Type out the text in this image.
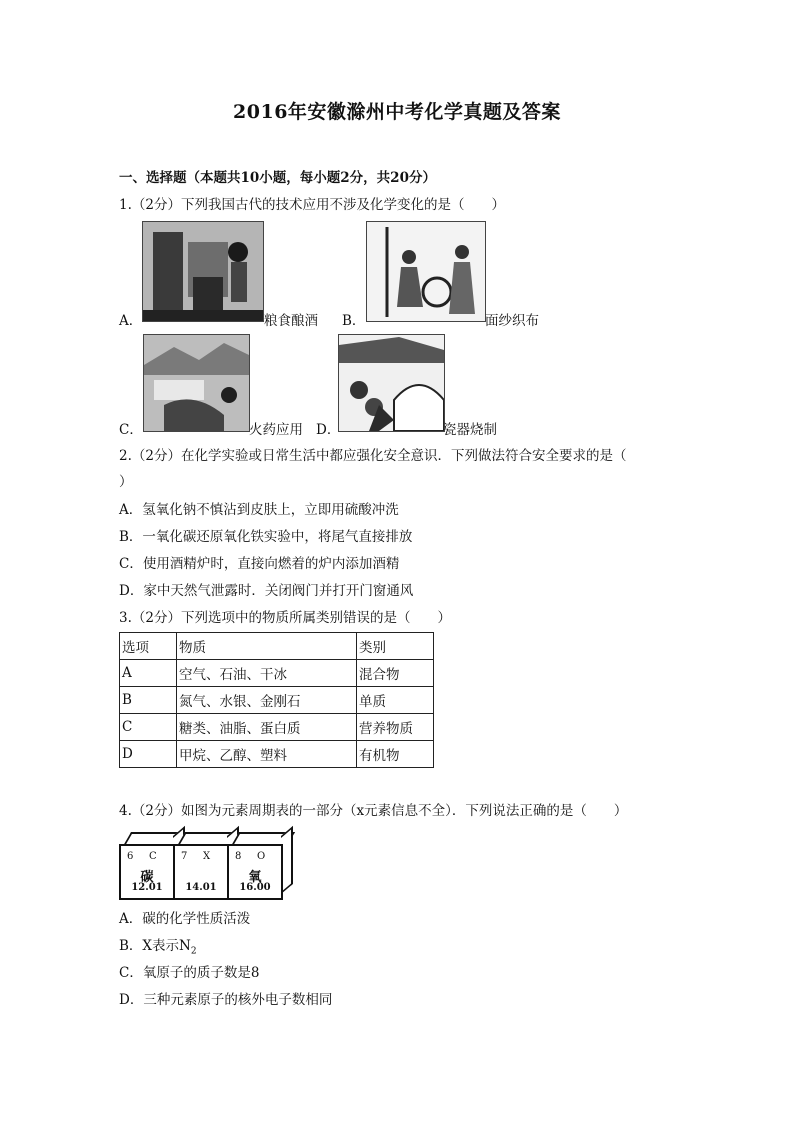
2016年安徽滁州中考化学真题及答案
一、选择题（本题共10小题，每小题2分，共20分）
1.（2分）下列我国古代的技术应用不涉及化学变化的是（　　）
A．	粮食酿酒 B．	面纱织布
C．	火药应用 D．	瓷器烧制
2.（2分）在化学实验或日常生活中都应强化安全意识．下列做法符合安全要求的是（
）
A．氢氧化钠不慎沾到皮肤上，立即用硫酸冲洗
B．一氧化碳还原氧化铁实验中，将尾气直接排放
C．使用酒精炉时，直接向燃着的炉内添加酒精
D．家中天然气泄露时．关闭阀门并打开门窗通风
3.（2分）下列选项中的物质所属类别错误的是（　　）
选项	物质	类别
A	空气、石油、干冰	混合物
B	氮气、水银、金刚石	单质
C	糖类、油脂、蛋白质	营养物质
D	甲烷、乙醇、塑料	有机物
4.（2分）如图为元素周期表的一部分（x元素信息不全）．下列说法正确的是（　　）
6 C
碳
12.01
7 X
14.01
8 O
氧
16.00
A．碳的化学性质活泼
B．X表示$N_2$
C．氧原子的质子数是8
D．三种元素原子的核外电子数相同
